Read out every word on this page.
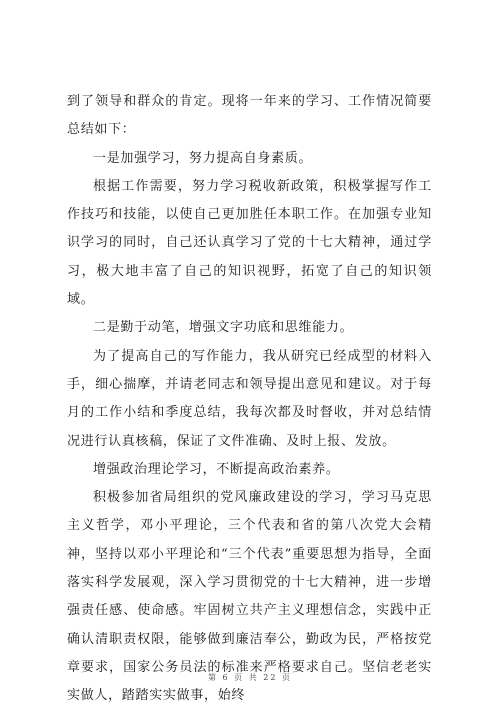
到了领导和群众的肯定。现将一年来的学习、工作情况简要总结如下：

一是加强学习，努力提高自身素质。

根据工作需要，努力学习税收新政策，积极掌握写作工作技巧和技能，以使自己更加胜任本职工作。在加强专业知识学习的同时，自己还认真学习了党的十七大精神，通过学习，极大地丰富了自己的知识视野，拓宽了自己的知识领域。

二是勤于动笔，增强文字功底和思维能力。

为了提高自己的写作能力，我从研究已经成型的材料入手，细心揣摩，并请老同志和领导提出意见和建议。对于每月的工作小结和季度总结，我每次都及时督收，并对总结情况进行认真核稿，保证了文件准确、及时上报、发放。

增强政治理论学习，不断提高政治素养。

积极参加省局组织的党风廉政建设的学习，学习马克思主义哲学，邓小平理论，三个代表和省的第八次党大会精神，坚持以邓小平理论和“三个代表”重要思想为指导，全面落实科学发展观，深入学习贯彻党的十七大精神，进一步增强责任感、使命感。牢固树立共产主义理想信念，实践中正确认清职责权限，能够做到廉洁奉公，勤政为民，严格按党章要求，国家公务员法的标准来严格要求自己。坚信老老实实做人，踏踏实实做事，始终

第 6 页 共 22 页
